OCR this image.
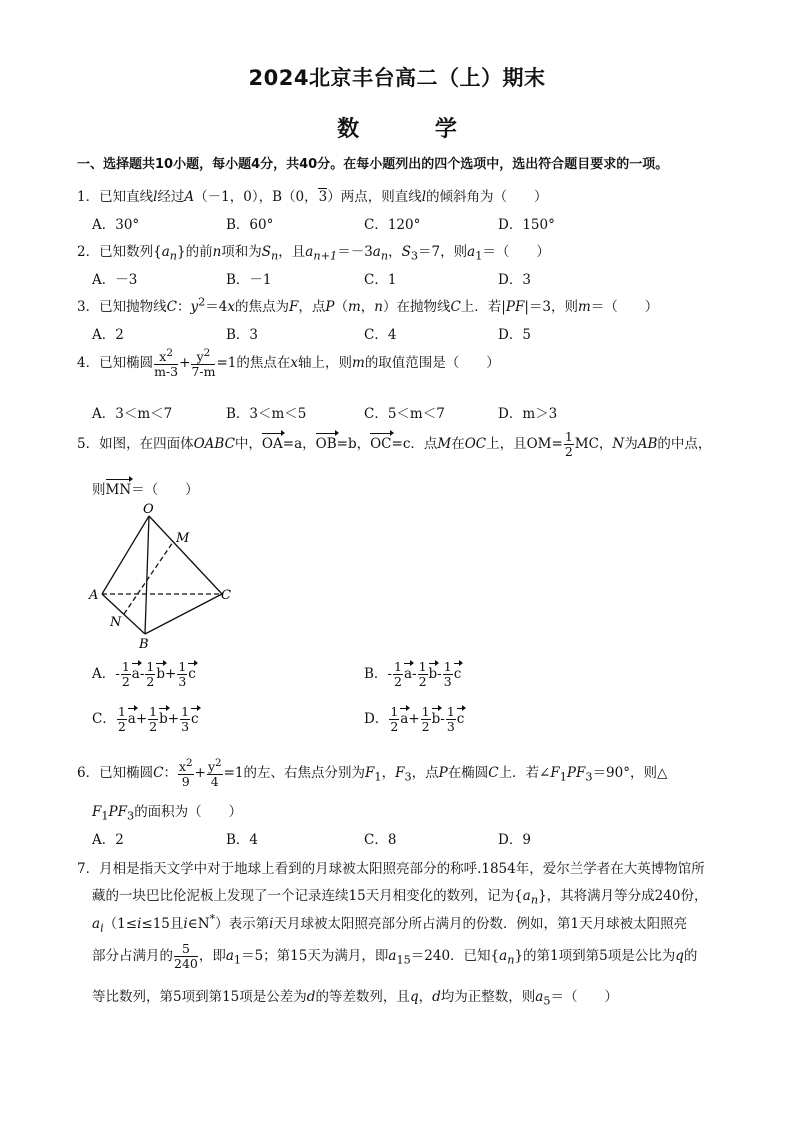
2024北京丰台高二（上）期末
数 学
一、选择题共10小题，每小题4分，共40分。在每小题列出的四个选项中，选出符合题目要求的一项。
1．已知直线l经过A（－1，0），B（0，3）两点，则直线l的倾斜角为（　　）
A．30°	B．60°	C．120°	D．150°
2．已知数列$\{a_n\}$的前n项和为$S_n$，且$a_{n+1}=-3a_n$，$S_3=7$，则$a_1=$（　　）
A．－3	B．－1	C．1	D．3
3．已知抛物线C：$y^2=4x$的焦点为F，点P（m，n）在抛物线C上．若|PF|＝3，则m＝（　　）
A．2	B．3	C．4	D．5
4．已知椭圆 $\frac{x^2}{m-3} + \frac{y^2}{7-m} =1$的焦点在x轴上，则m的取值范围是（　　）
A．3＜m＜7	B．3＜m＜5	C．5＜m＜7	D．m＞3
5．如图，在四面体OABC中，OA=a，OB=b，OC=c．点M在OC上，且$OM= \frac{1}{2}$ MC，N为AB的中点，
则MN＝（　　）
O
M
A	C
N
B
A．- $\frac{1}{2} a- \frac{1}{2} b+ \frac{1}{3}$ c	B．- $\frac{1}{2} a- \frac{1}{2} b- \frac{1}{3}$ c
C． $\frac{1}{2} a+ \frac{1}{2} b+ \frac{1}{3}$ c	D． $\frac{1}{2} a+ \frac{1}{2} b- \frac{1}{3}$ c
6．已知椭圆C： $\frac{x^2}{9} + \frac{y^2}{4} =1$的左、右焦点分别为$F_1$，$F_3$，点P在椭圆C上．若$\angle F_1PF_3=90^\circ$，则△
$F_1PF_3$的面积为（　　）
A．2	B．4	C．8	D．9
7．月相是指天文学中对于地球上看到的月球被太阳照亮部分的称呼.1854年，爱尔兰学者在大英博物馆所
藏的一块巴比伦泥板上发现了一个记录连续15天月相变化的数列，记为$\{a_n\}$，其将满月等分成240份，
$a_i(1\le i\le 15$且i∈N*）表示第i天月球被太阳照亮部分所占满月的份数．例如，第1天月球被太阳照亮
部分占满月的 $\frac{5}{240}$ ，即$a_1=5$；第15天为满月，即$a_{15}=240$．已知$\{a_n\}$的第1项到第5项是公比为q的
等比数列，第5项到第15项是公差为d的等差数列，且q，d均为正整数，则$a_5=$（　　）
